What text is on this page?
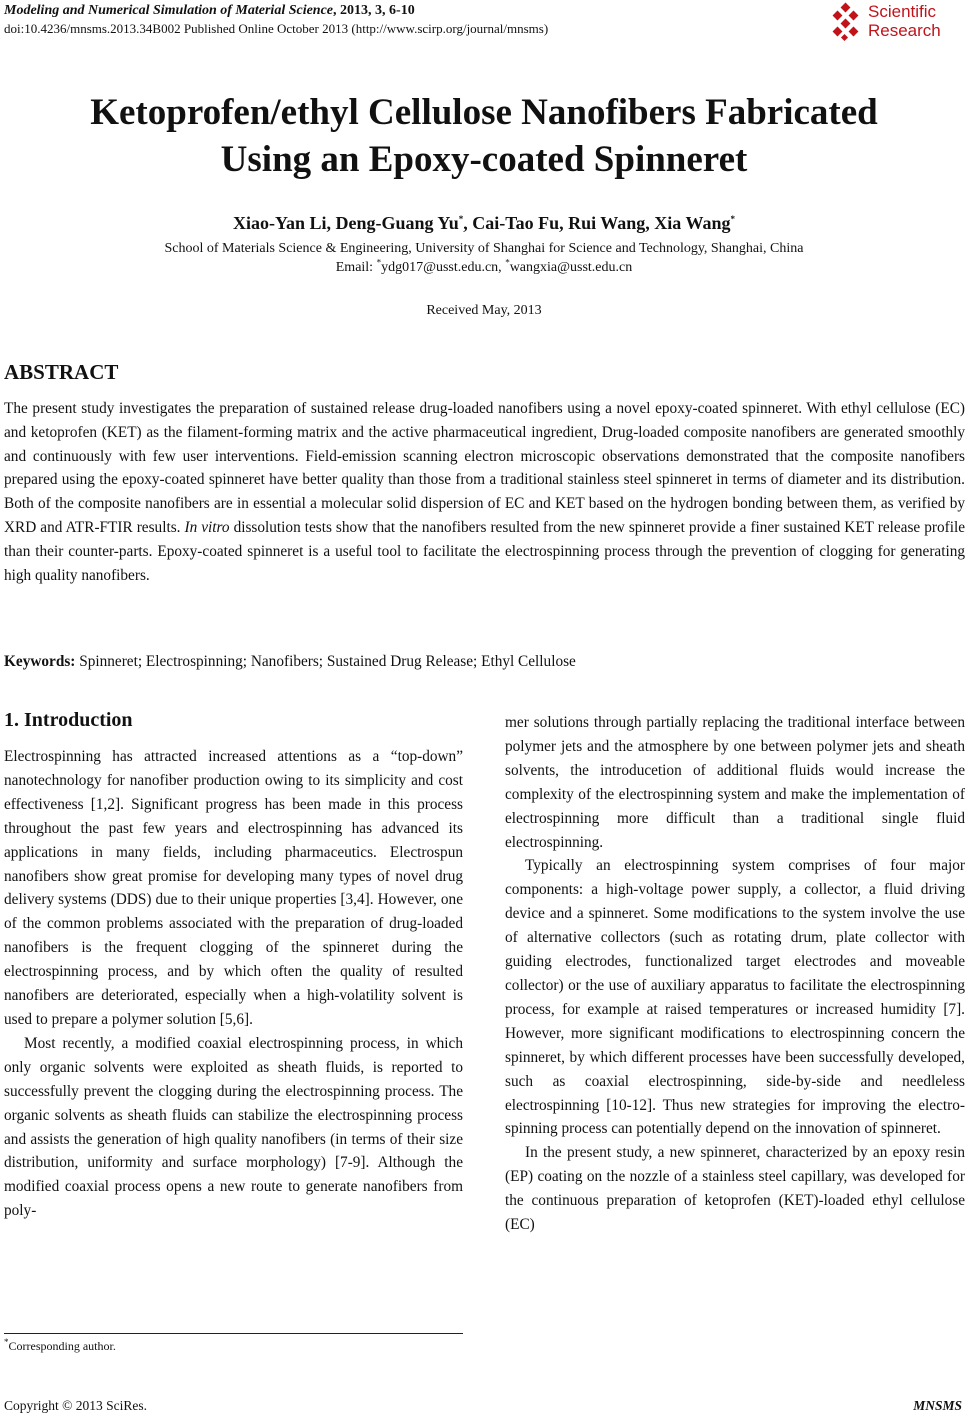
Modeling and Numerical Simulation of Material Science, 2013, 3, 6-10
doi:10.4236/mnsms.2013.34B002 Published Online October 2013 (http://www.scirp.org/journal/mnsms)
Scientific
Research
Ketoprofen/ethyl Cellulose Nanofibers Fabricated
Using an Epoxy-coated Spinneret
Xiao-Yan Li, Deng-Guang Yu*, Cai-Tao Fu, Rui Wang, Xia Wang*
School of Materials Science & Engineering, University of Shanghai for Science and Technology, Shanghai, China
Email: *ydg017@usst.edu.cn, *wangxia@usst.edu.cn
Received May, 2013
ABSTRACT
The present study investigates the preparation of sustained release drug-loaded nanofibers using a novel epoxy-coated spinneret. With ethyl cellulose (EC) and ketoprofen (KET) as the filament-forming matrix and the active pharmaceutical ingredient, Drug-loaded composite nanofibers are generated smoothly and continuously with few user interventions. Field-emission scanning electron microscopic observations demonstrated that the composite nanofibers prepared using the epoxy-coated spinneret have better quality than those from a traditional stainless steel spinneret in terms of diameter and its distribution. Both of the composite nanofibers are in essential a molecular solid dispersion of EC and KET based on the hydrogen bonding between them, as verified by XRD and ATR-FTIR results. In vitro dissolution tests show that the nanofibers resulted from the new spinneret provide a finer sustained KET release profile than their counter-parts. Epoxy-coated spinneret is a useful tool to facilitate the electrospinning process through the prevention of clogging for generating high quality nanofibers.
Keywords: Spinneret; Electrospinning; Nanofibers; Sustained Drug Release; Ethyl Cellulose
1. Introduction

Electrospinning has attracted increased attentions as a “top-down” nanotechnology for nanofiber production owing to its simplicity and cost effectiveness [1,2]. Significant progress has been made in this process throughout the past few years and electrospinning has advanced its applications in many fields, including pharmaceutics. Electrospun nanofibers show great promise for developing many types of novel drug delivery systems (DDS) due to their unique properties [3,4]. However, one of the common problems associated with the preparation of drug-loaded nanofibers is the frequent clogging of the spinneret during the electrospinning process, and by which often the quality of resulted nanofibers are deteriorated, especially when a high-volatility solvent is used to prepare a polymer solution [5,6].

Most recently, a modified coaxial electrospinning process, in which only organic solvents were exploited as sheath fluids, is reported to successfully prevent the clogging during the electrospinning process. The organic solvents as sheath fluids can stabilize the electrospinning process and assists the generation of high quality nanofibers (in terms of their size distribution, uniformity and surface morphology) [7-9]. Although the modified coaxial process opens a new route to generate nanofibers from poly-

mer solutions through partially replacing the traditional interface between polymer jets and the atmosphere by one between polymer jets and sheath solvents, the introducetion of additional fluids would increase the complexity of the electrospinning system and make the implementation of electrospinning more difficult than a traditional single fluid electrospinning.

Typically an electrospinning system comprises of four major components: a high-voltage power supply, a collector, a fluid driving device and a spinneret. Some modifications to the system involve the use of alternative collectors (such as rotating drum, plate collector with guiding electrodes, functionalized target electrodes and moveable collector) or the use of auxiliary apparatus to facilitate the electrospinning process, for example at raised temperatures or increased humidity [7]. However, more significant modifications to electrospinning concern the spinneret, by which different processes have been successfully developed, such as coaxial electrospinning, side-by-side and needleless electrospinning [10-12]. Thus new strategies for improving the electrospinning process can potentially depend on the innovation of spinneret.

In the present study, a new spinneret, characterized by an epoxy resin (EP) coating on the nozzle of a stainless steel capillary, was developed for the continuous preparation of ketoprofen (KET)-loaded ethyl cellulose (EC)

*Corresponding author.
Copyright © 2013 SciRes.	MNSMS
